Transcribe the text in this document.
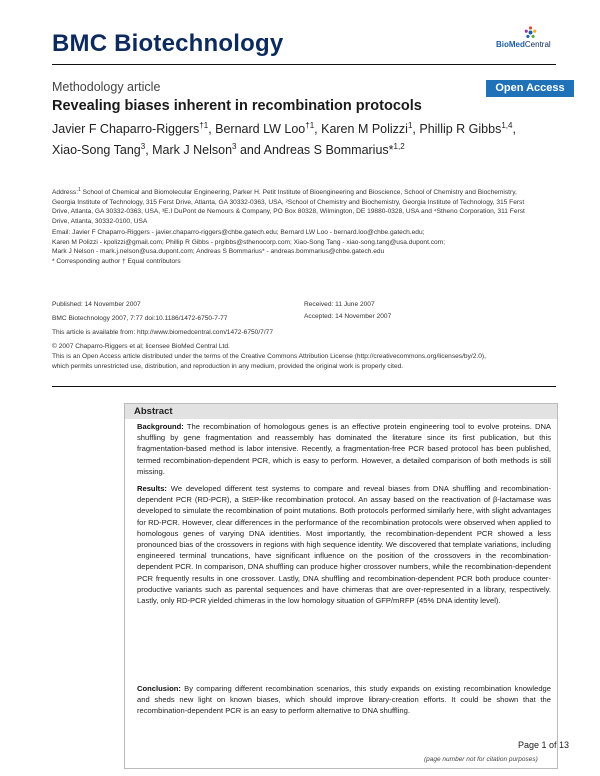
BMC Biotechnology	BioMedCentral
Methodology article	Open Access
Revealing biases inherent in recombination protocols
Javier F Chaparro-Riggers$^{\dagger 1}$, Bernard LW Loo$^{\dagger 1}$, Karen M Polizzi$^1$, Phillip R Gibbs$^{1,4}$, Xiao-Song Tang$^3$, Mark J Nelson$^3$ and Andreas S Bommarius*$^{1,2}$
Address:$^1$ School of Chemical and Biomolecular Engineering, Parker H. Petit Institute of Bioengineering and Bioscience, School of Chemistry and Biochemistry, Georgia Institute of Technology, 315 Ferst Drive, Atlanta, GA 30332-0363, USA, ²School of Chemistry and Biochemistry, Georgia Institute of Technology, 315 Ferst Drive, Atlanta, GA 30332-0363, USA, ³E.I DuPont de Nemours & Company, PO Box 80328, Wilmington, DE 19880-0328, USA and ⁴Stheno Corporation, 311 Ferst Drive, Atlanta, 30332-0100, USA
Email: Javier F Chaparro-Riggers - javier.chaparro-riggers@chbe.gatech.edu; Bernard LW Loo - bernard.loo@chbe.gatech.edu;
Karen M Polizzi - kpolizzi@gmail.com; Phillip R Gibbs - prgibbs@sthenocorp.com; Xiao-Song Tang - xiao-song.tang@usa.dupont.com;
Mark J Nelson - mark.j.nelson@usa.dupont.com; Andreas S Bommarius* - andreas.bommarius@chbe.gatech.edu
* Corresponding author † Equal contributors
Published: 14 November 2007	Received: 11 June 2007
Accepted: 14 November 2007
BMC Biotechnology 2007, 7:77 doi:10.1186/1472-6750-7-77
This article is available from: http://www.biomedcentral.com/1472-6750/7/77
© 2007 Chaparro-Riggers et al; licensee BioMed Central Ltd.
This is an Open Access article distributed under the terms of the Creative Commons Attribution License (http://creativecommons.org/licenses/by/2.0),
which permits unrestricted use, distribution, and reproduction in any medium, provided the original work is properly cited.
Abstract
Background: The recombination of homologous genes is an effective protein engineering tool to evolve proteins. DNA shuffling by gene fragmentation and reassembly has dominated the literature since its first publication, but this fragmentation-based method is labor intensive. Recently, a fragmentation-free PCR based protocol has been published, termed recombination-dependent PCR, which is easy to perform. However, a detailed comparison of both methods is still missing.
Results: We developed different test systems to compare and reveal biases from DNA shuffling and recombination-dependent PCR (RD-PCR), a StEP-like recombination protocol. An assay based on the reactivation of β-lactamase was developed to simulate the recombination of point mutations. Both protocols performed similarly here, with slight advantages for RD-PCR. However, clear differences in the performance of the recombination protocols were observed when applied to homologous genes of varying DNA identities. Most importantly, the recombination-dependent PCR showed a less pronounced bias of the crossovers in regions with high sequence identity. We discovered that template variations, including engineered terminal truncations, have significant influence on the position of the crossovers in the recombination-dependent PCR. In comparison, DNA shuffling can produce higher crossover numbers, while the recombination-dependent PCR frequently results in one crossover. Lastly, DNA shuffling and recombination-dependent PCR both produce counter-productive variants such as parental sequences and have chimeras that are over-represented in a library, respectively. Lastly, only RD-PCR yielded chimeras in the low homology situation of GFP/mRFP (45% DNA identity level).
Conclusion: By comparing different recombination scenarios, this study expands on existing recombination knowledge and sheds new light on known biases, which should improve library-creation efforts. It could be shown that the recombination-dependent PCR is an easy to perform alternative to DNA shuffling.
Page 1 of 13
(page number not for citation purposes)
